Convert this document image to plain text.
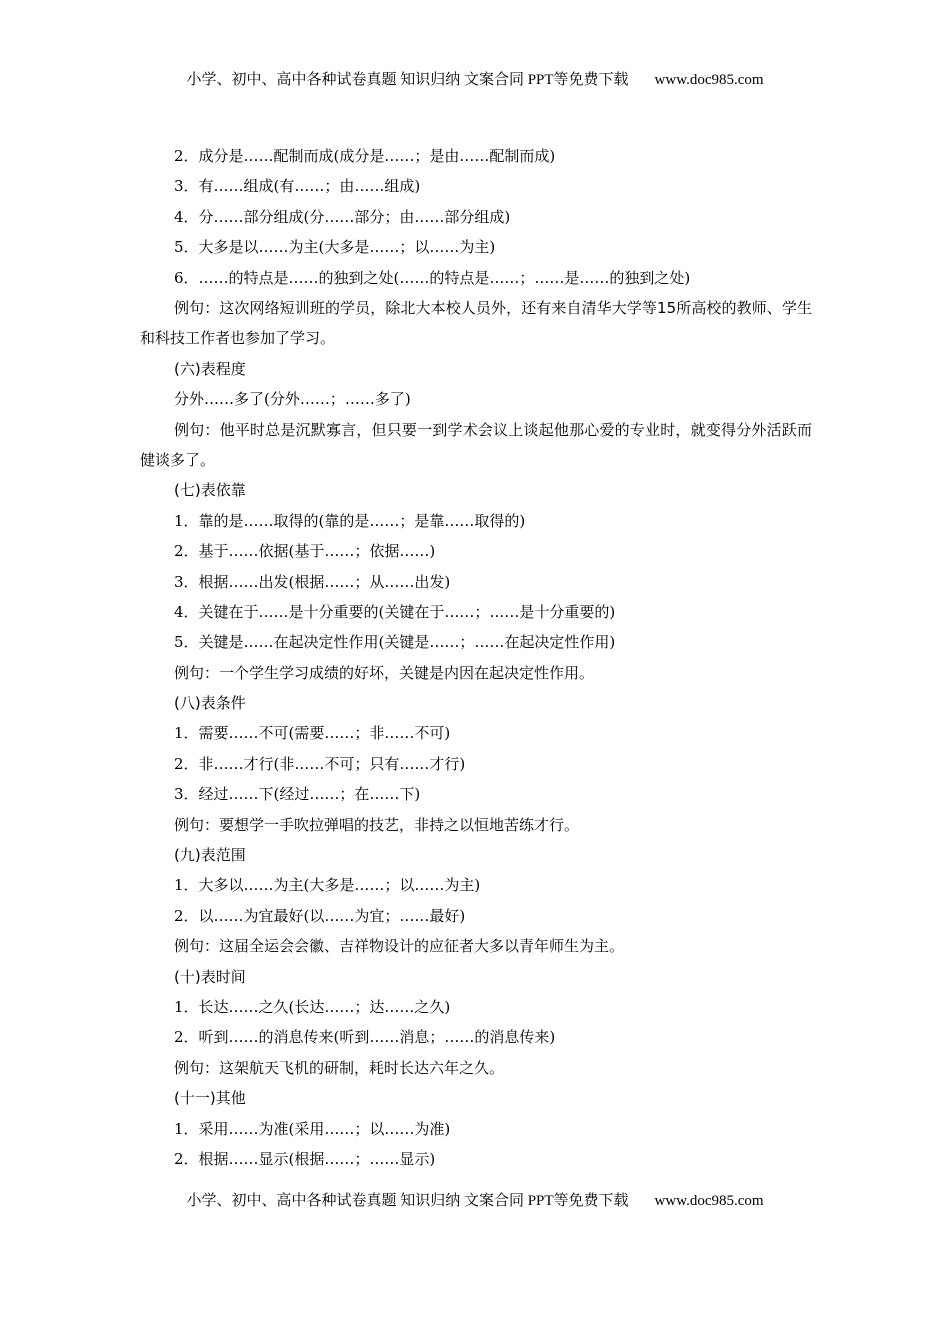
小学、初中、高中各种试卷真题 知识归纳 文案合同 PPT等免费下载 www.doc985.com
2．成分是……配制而成(成分是……；是由……配制而成)
3．有……组成(有……；由……组成)
4．分……部分组成(分……部分；由……部分组成)
5．大多是以……为主(大多是……；以……为主)
6．……的特点是……的独到之处(……的特点是……；……是……的独到之处)
例句：这次网络短训班的学员，除北大本校人员外，还有来自清华大学等15所高校的教师、学生和科技工作者也参加了学习。
(六)表程度
分外……多了(分外……；……多了)
例句：他平时总是沉默寡言，但只要一到学术会议上谈起他那心爱的专业时，就变得分外活跃而健谈多了。
(七)表依靠
1．靠的是……取得的(靠的是……；是靠……取得的)
2．基于……依据(基于……；依据……)
3．根据……出发(根据……；从……出发)
4．关键在于……是十分重要的(关键在于……；……是十分重要的)
5．关键是……在起决定性作用(关键是……；……在起决定性作用)
例句：一个学生学习成绩的好坏，关键是内因在起决定性作用。
(八)表条件
1．需要……不可(需要……；非……不可)
2．非……才行(非……不可；只有……才行)
3．经过……下(经过……；在……下)
例句：要想学一手吹拉弹唱的技艺，非持之以恒地苦练才行。
(九)表范围
1．大多以……为主(大多是……；以……为主)
2．以……为宜最好(以……为宜；……最好)
例句：这届全运会会徽、吉祥物设计的应征者大多以青年师生为主。
(十)表时间
1．长达……之久(长达……；达……之久)
2．听到……的消息传来(听到……消息；……的消息传来)
例句：这架航天飞机的研制，耗时长达六年之久。
(十一)其他
1．采用……为准(采用……；以……为准)
2．根据……显示(根据……；……显示)
小学、初中、高中各种试卷真题 知识归纳 文案合同 PPT等免费下载 www.doc985.com
